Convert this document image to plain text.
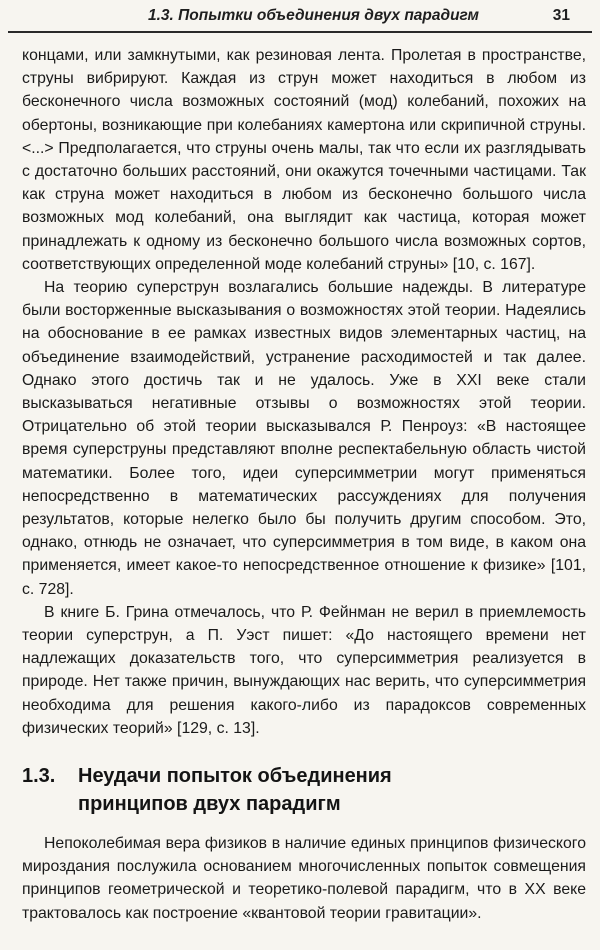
1.3. Попытки объединения двух парадигм	31

концами, или замкнутыми, как резиновая лента. Пролетая в пространстве, струны вибрируют. Каждая из струн может находиться в любом из бесконечного числа возможных состояний (мод) колебаний, похожих на обертоны, возникающие при колебаниях камертона или скрипичной струны. <...> Предполагается, что струны очень малы, так что если их разглядывать с достаточно больших расстояний, они окажутся точечными частицами. Так как струна может находиться в любом из бесконечно большого числа возможных мод колебаний, она выглядит как частица, которая может принадлежать к одному из бесконечно большого числа возможных сортов, соответствующих определенной моде колебаний струны» [10, с. 167].

На теорию суперструн возлагались большие надежды. В литературе были восторженные высказывания о возможностях этой теории. Надеялись на обоснование в ее рамках известных видов элементарных частиц, на объединение взаимодействий, устранение расходимостей и так далее. Однако этого достичь так и не удалось. Уже в XXI веке стали высказываться негативные отзывы о возможностях этой теории. Отрицательно об этой теории высказывался Р. Пенроуз: «В настоящее время суперструны представляют вполне респектабельную область чистой математики. Более того, идеи суперсимметрии могут применяться непосредственно в математических рассуждениях для получения результатов, которые нелегко было бы получить другим способом. Это, однако, отнюдь не означает, что суперсимметрия в том виде, в каком она применяется, имеет какое-то непосредственное отношение к физике» [101, с. 728].

В книге Б. Грина отмечалось, что Р. Фейнман не верил в приемлемость теории суперструн, а П. Уэст пишет: «До настоящего времени нет надлежащих доказательств того, что суперсимметрия реализуется в природе. Нет также причин, вынуждающих нас верить, что суперсимметрия необходима для решения какого-либо из парадоксов современных физических теорий» [129, с. 13].

1.3. Неудачи попыток объединения
принципов двух парадигм

Непоколебимая вера физиков в наличие единых принципов физического мироздания послужила основанием многочисленных попыток совмещения принципов геометрической и теоретико-полевой парадигм, что в XX веке трактовалось как построение «квантовой теории гравитации».
